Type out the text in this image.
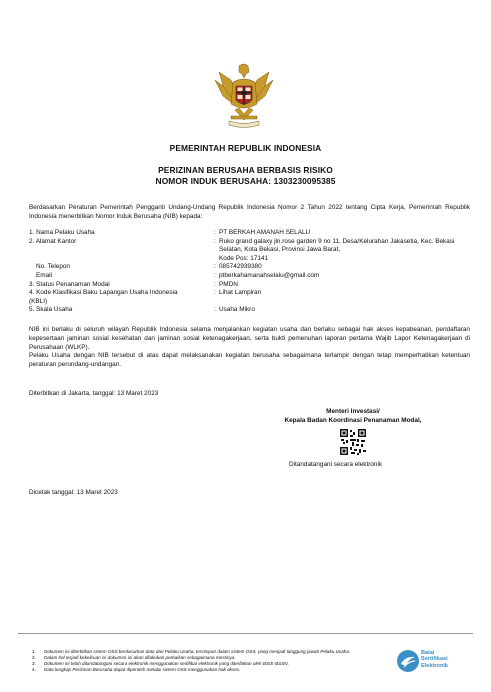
PEMERINTAH REPUBLIK INDONESIA
PERIZINAN BERUSAHA BERBASIS RISIKO
NOMOR INDUK BERUSAHA: 1303230095385
Berdasarkan Peraturan Pemerintah Pengganti Undang-Undang Republik Indonesia Nomor 2 Tahun 2022 tentang Cipta Kerja, Pemerintah Republik Indonesia menerbitkan Nomor Induk Berusaha (NIB) kepada:
1. Nama Pelaku Usaha	: PT BERKAH AMANAH SELALU
2. Alamat Kantor	: Ruko grand galaxy jln.rose garden 9 no 11, Desa/Kelurahan Jakasetia, Kec. Bekasi Selatan, Kota Bekasi, Provinsi Jawa Barat,
Kode Pos: 17141
No. Telepon	: 085742939380
Email	: ptberkahamanahselalu@gmail.com
3. Status Penanaman Modal	: PMDN
4. Kode Klasifikasi Baku Lapangan Usaha Indonesia	: Lihat Lampiran
(KBLI)
5. Skala Usaha	: Usaha Mikro
NIB ini berlaku di seluruh wilayah Republik Indonesia selama menjalankan kegiatan usaha dan berlaku sebagai hak akses kepabeanan, pendaftaran kepesertaan jaminan sosial kesehatan dan jaminan sosial ketenagakerjaan, serta bukti pemenuhan laporan pertama Wajib Lapor Ketenagakerjaan di Perusahaan (WLKP).
Pelaku Usaha dengan NIB tersebut di atas dapat melaksanakan kegiatan berusaha sebagaimana terlampir dengan tetap memperhatikan ketentuan peraturan perundang-undangan.
Diterbitkan di Jakarta, tanggal: 13 Maret 2023
Menteri Investasi/
Kepala Badan Koordinasi Penanaman Modal,
Ditandatangani secara elektronik
Dicetak tanggal: 13 Maret 2023
1.	Dokumen ini diterbitkan sistem OSS berdasarkan data dari Pelaku Usaha, tersimpan dalam sistem OSS, yang menjadi tanggung jawab Pelaku Usaha.
2.	Dalam hal terjadi kekeliruan isi dokumen ini akan dilakukan perbaikan sebagaimana mestinya.
3.	Dokumen ini telah ditandatangani secara elektronik menggunakan sertifikat elektronik yang diterbitkan oleh BSrE-BSSN.
4.	Data lengkap Perizinan Berusaha dapat diperoleh melalui sistem OSS menggunakan hak akses.
Balai
Sertifikasi
Elektronik
